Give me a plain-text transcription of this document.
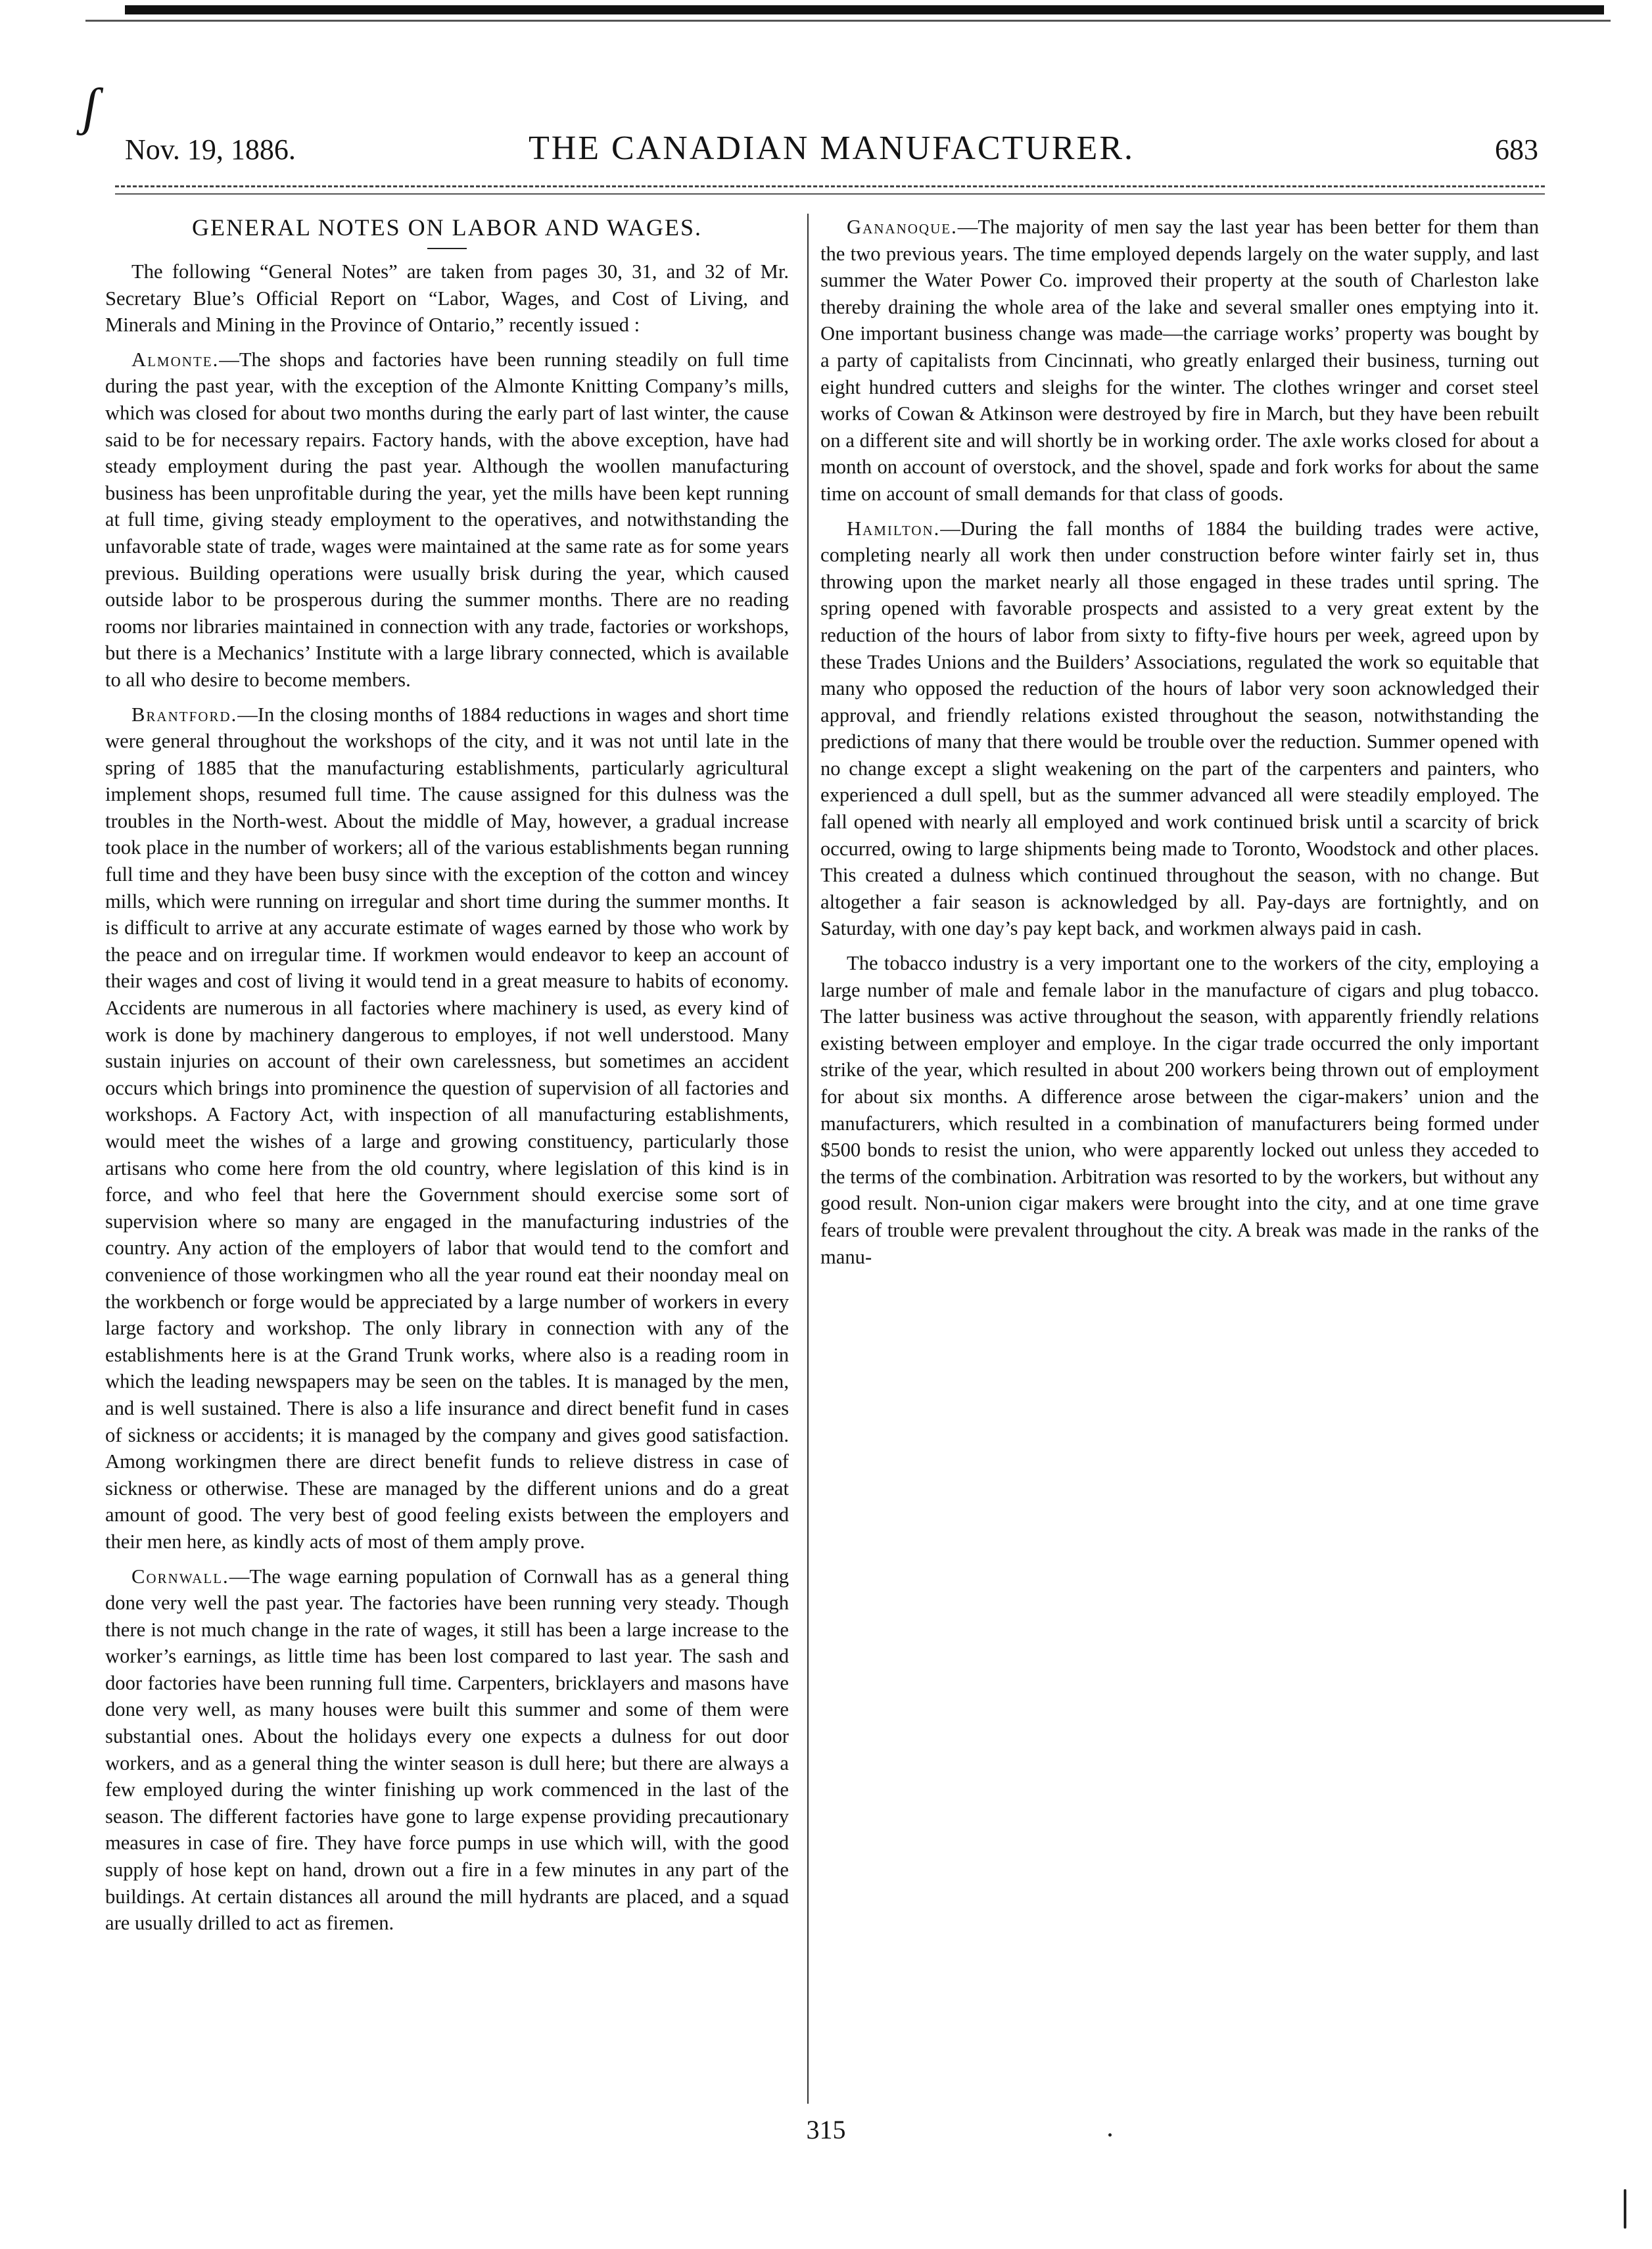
ʃ
Nov. 19, 1886.	THE CANADIAN MANUFACTURER.	683
GENERAL NOTES ON LABOR AND WAGES.

The following “General Notes” are taken from pages 30, 31, and 32 of Mr. Secretary Blue’s Official Report on “Labor, Wages, and Cost of Living, and Minerals and Mining in the Province of Ontario,” recently issued :

Almonte.—The shops and factories have been running steadily on full time during the past year, with the exception of the Almonte Knitting Company’s mills, which was closed for about two months during the early part of last winter, the cause said to be for necessary repairs. Factory hands, with the above exception, have had steady employment during the past year. Although the woollen manufacturing business has been unprofitable during the year, yet the mills have been kept running at full time, giving steady employment to the operatives, and notwithstanding the unfavorable state of trade, wages were maintained at the same rate as for some years previous. Building operations were usually brisk during the year, which caused outside labor to be prosperous during the summer months. There are no reading rooms nor libraries maintained in connection with any trade, factories or workshops, but there is a Mechanics’ Institute with a large library connected, which is available to all who desire to become members.

Brantford.—In the closing months of 1884 reductions in wages and short time were general throughout the workshops of the city, and it was not until late in the spring of 1885 that the manufacturing establishments, particularly agricultural implement shops, resumed full time. The cause assigned for this dulness was the troubles in the North-west. About the middle of May, however, a gradual increase took place in the number of workers; all of the various establishments began running full time and they have been busy since with the exception of the cotton and wincey mills, which were running on irregular and short time during the summer months. It is difficult to arrive at any accurate estimate of wages earned by those who work by the peace and on irregular time. If workmen would endeavor to keep an account of their wages and cost of living it would tend in a great measure to habits of economy. Accidents are numerous in all factories where machinery is used, as every kind of work is done by machinery dangerous to employes, if not well understood. Many sustain injuries on account of their own carelessness, but sometimes an accident occurs which brings into prominence the question of supervision of all factories and workshops. A Factory Act, with inspection of all manufacturing establishments, would meet the wishes of a large and growing constituency, particularly those artisans who come here from the old country, where legislation of this kind is in force, and who feel that here the Government should exercise some sort of supervision where so many are engaged in the manufacturing industries of the country. Any action of the employers of labor that would tend to the comfort and convenience of those workingmen who all the year round eat their noonday meal on the workbench or forge would be appreciated by a large number of workers in every large factory and workshop. The only library in connection with any of the establishments here is at the Grand Trunk works, where also is a reading room in which the leading newspapers may be seen on the tables. It is managed by the men, and is well sustained. There is also a life insurance and direct benefit fund in cases of sickness or accidents; it is managed by the company and gives good satisfaction. Among workingmen there are direct benefit funds to relieve distress in case of sickness or otherwise. These are managed by the different unions and do a great amount of good. The very best of good feeling exists between the employers and their men here, as kindly acts of most of them amply prove.

Cornwall.—The wage earning population of Cornwall has as a general thing done very well the past year. The factories have been running very steady. Though there is not much change in the rate of wages, it still has been a large increase to the worker’s earnings, as little time has been lost compared to last year. The sash and door factories have been running full time. Carpenters, bricklayers and masons have done very well, as many houses were built this summer and some of them were substantial ones. About the holidays every one expects a dulness for out door workers, and as a general thing the winter season is dull here; but there are always a few employed during the winter finishing up work commenced in the last of the season. The different factories have gone to large expense providing precautionary measures in case of fire. They have force pumps in use which will, with the good supply of hose kept on hand, drown out a fire in a few minutes in any part of the buildings. At certain distances all around the mill hydrants are placed, and a squad are usually drilled to act as firemen.

Gananoque.—The majority of men say the last year has been better for them than the two previous years. The time employed depends largely on the water supply, and last summer the Water Power Co. improved their property at the south of Charleston lake thereby draining the whole area of the lake and several smaller ones emptying into it. One important business change was made—the carriage works’ property was bought by a party of capitalists from Cincinnati, who greatly enlarged their business, turning out eight hundred cutters and sleighs for the winter. The clothes wringer and corset steel works of Cowan & Atkinson were destroyed by fire in March, but they have been rebuilt on a different site and will shortly be in working order. The axle works closed for about a month on account of overstock, and the shovel, spade and fork works for about the same time on account of small demands for that class of goods.

Hamilton.—During the fall months of 1884 the building trades were active, completing nearly all work then under construction before winter fairly set in, thus throwing upon the market nearly all those engaged in these trades until spring. The spring opened with favorable prospects and assisted to a very great extent by the reduction of the hours of labor from sixty to fifty-five hours per week, agreed upon by these Trades Unions and the Builders’ Associations, regulated the work so equitable that many who opposed the reduction of the hours of labor very soon acknowledged their approval, and friendly relations existed throughout the season, notwithstanding the predictions of many that there would be trouble over the reduction. Summer opened with no change except a slight weakening on the part of the carpenters and painters, who experienced a dull spell, but as the summer advanced all were steadily employed. The fall opened with nearly all employed and work continued brisk until a scarcity of brick occurred, owing to large shipments being made to Toronto, Woodstock and other places. This created a dulness which continued throughout the season, with no change. But altogether a fair season is acknowledged by all. Pay-days are fortnightly, and on Saturday, with one day’s pay kept back, and workmen always paid in cash.

The tobacco industry is a very important one to the workers of the city, employing a large number of male and female labor in the manufacture of cigars and plug tobacco. The latter business was active throughout the season, with apparently friendly relations existing between employer and employe. In the cigar trade occurred the only important strike of the year, which resulted in about 200 workers being thrown out of employment for about six months. A difference arose between the cigar-makers’ union and the manufacturers, which resulted in a combination of manufacturers being formed under $500 bonds to resist the union, who were apparently locked out unless they acceded to the terms of the combination. Arbitration was resorted to by the workers, but without any good result. Non-union cigar makers were brought into the city, and at one time grave fears of trouble were prevalent throughout the city. A break was made in the ranks of the manu-

315
